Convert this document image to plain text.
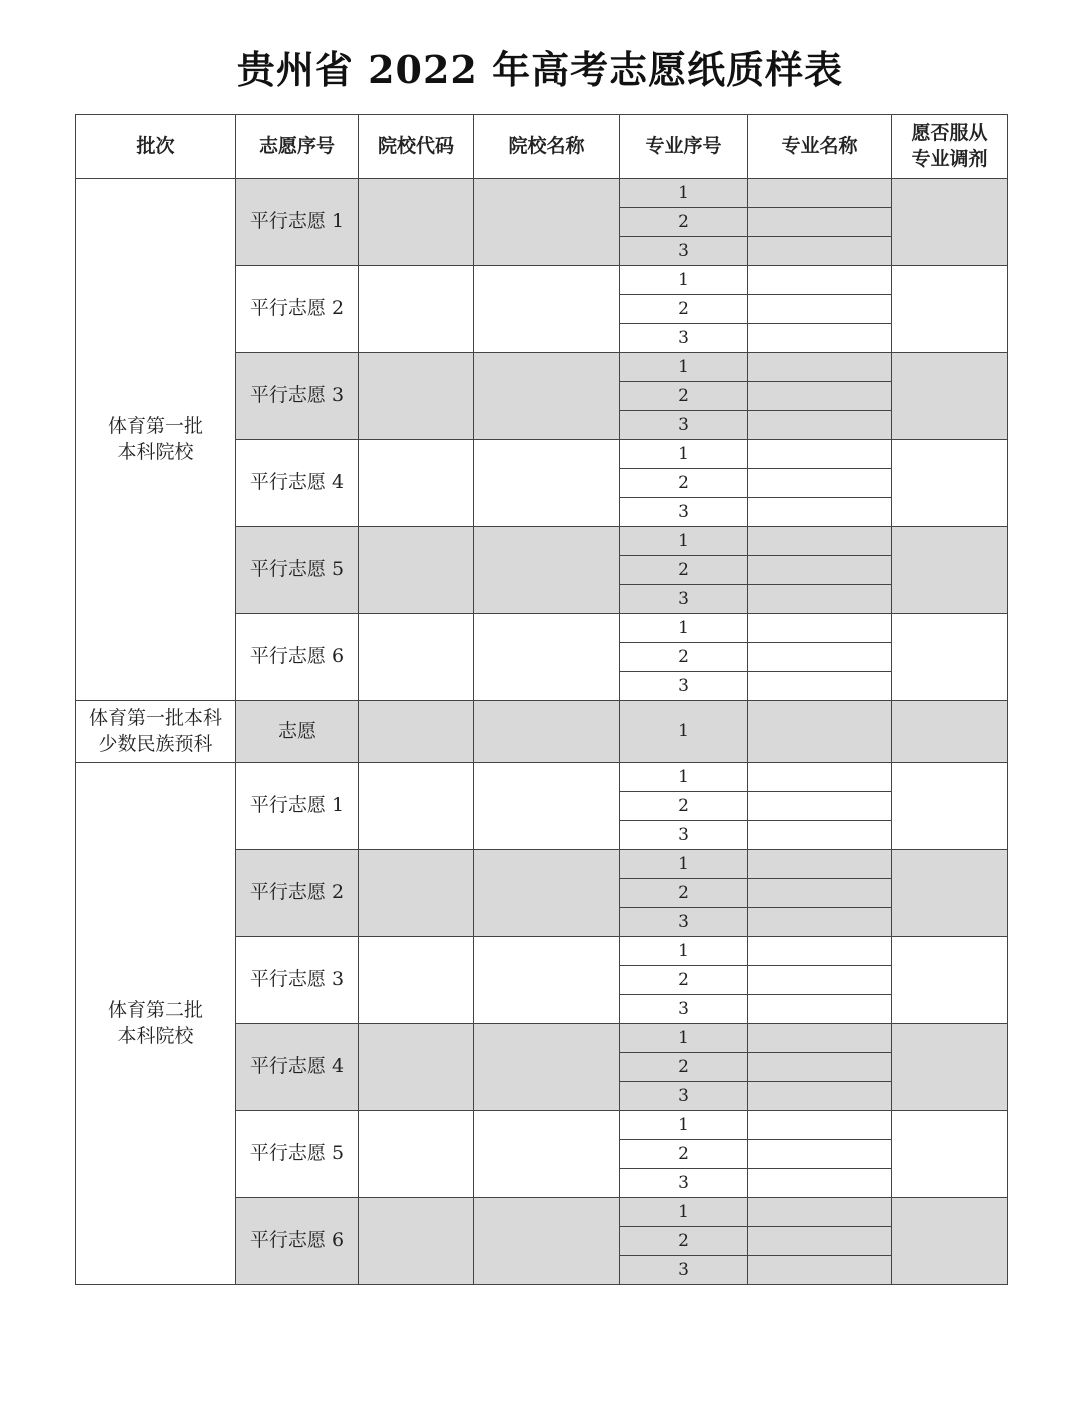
贵州省 2022 年高考志愿纸质样表
批次	志愿序号	院校代码	院校名称	专业序号	专业名称	愿否服从
专业调剂

体育第一批
本科院校	平行志愿 1			1		
				2		
				3		
	平行志愿 2			1		
				2		
				3		
	平行志愿 3			1		
				2		
				3		
	平行志愿 4			1		
				2		
				3		
	平行志愿 5			1		
				2		
				3		
	平行志愿 6			1		
				2		
				3		

体育第一批本科
少数民族预科	志愿			1		

体育第二批
本科院校	平行志愿 1			1		
				2		
				3		
	平行志愿 2			1		
				2		
				3		
	平行志愿 3			1		
				2		
				3		
	平行志愿 4			1		
				2		
				3		
	平行志愿 5			1		
				2		
				3		
	平行志愿 6			1		
				2		
				3		
